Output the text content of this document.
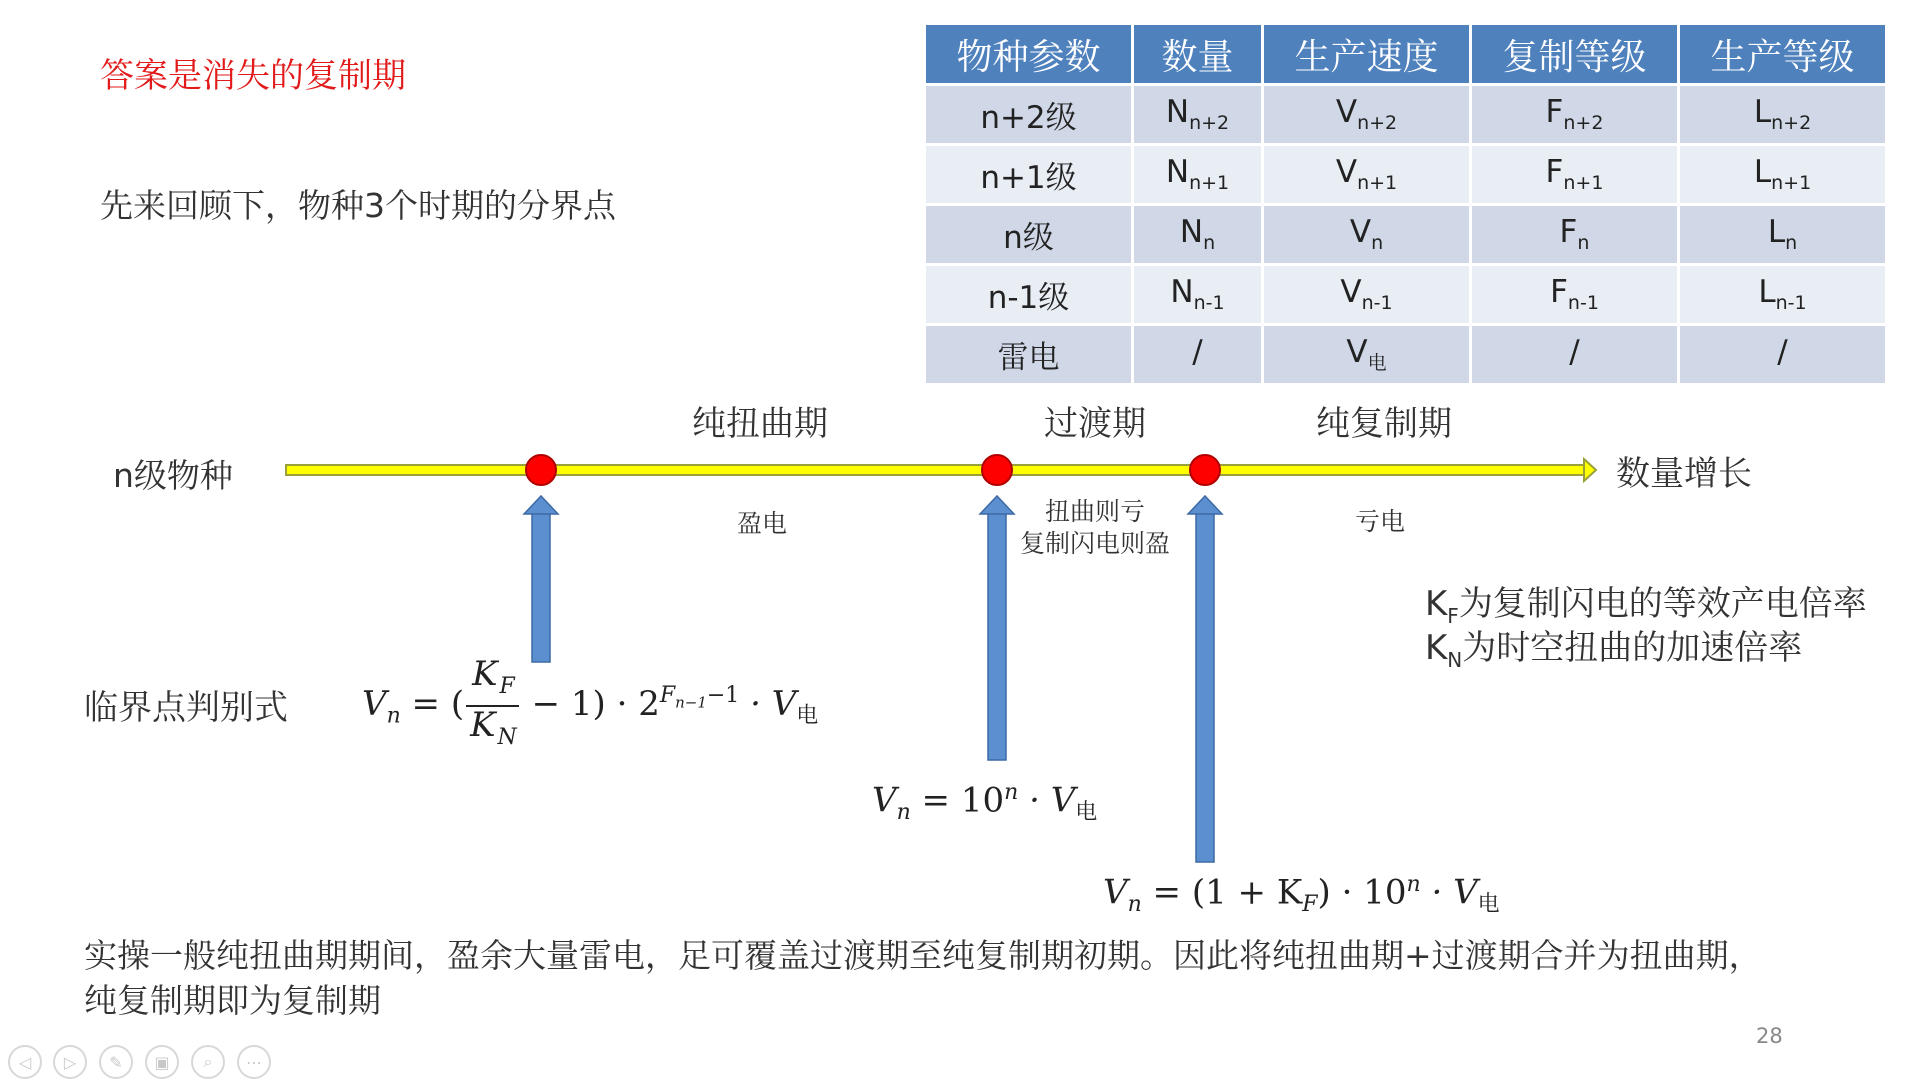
答案是消失的复制期
先来回顾下，物种3个时期的分界点
物种参数	数量	生产速度	复制等级	生产等级
n+2级	$N_{n+2}$	$V_{n+2}$	$F_{n+2}$	$L_{n+2}$
n+1级	$N_{n+1}$	$V_{n+1}$	$F_{n+1}$	$L_{n+1}$
n级	$N_n$	$V_n$	$F_n$	$L_n$
n-1级	$N_{n-1}$	$V_{n-1}$	$F_{n-1}$	$L_{n-1}$
雷电	/	$V_电$	/	/
n级物种	数量增长
纯扭曲期	过渡期	纯复制期
盈电	扭曲则亏
复制闪电则盈
亏电
$K_F$为复制闪电的等效产电倍率
$K_N$为时空扭曲的加速倍率
临界点判别式 $V_n$ = ( $\frac{K_F}{K_N} - 1) \cdot 2^{F_{n-1}-1} \cdot V_电$
$V_n = 10^n \cdot V_电$
$V_n = (1 + K_F) \cdot 10^n \cdot V_电$
实操一般纯扭曲期期间，盈余大量雷电，足可覆盖过渡期至纯复制期初期。因此将纯扭曲期+过渡期合并为扭曲期，
纯复制期即为复制期
28
◁	▷	✎	▣	⌕	⋯
